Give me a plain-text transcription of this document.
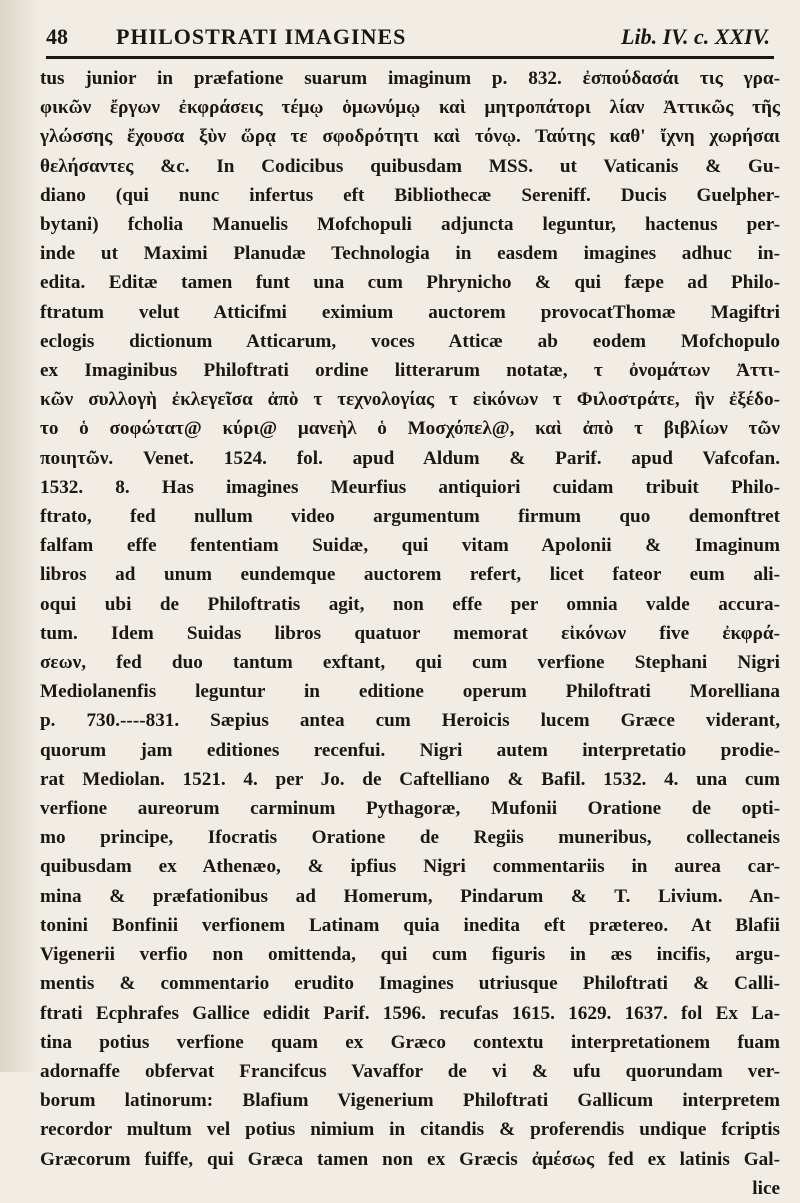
48 PHILOSTRATI IMAGINES	Lib. IV. c. XXIV.
tus junior in præfatione suarum imaginum p. 832. ἐσπούδασάι τις γρα-
φικῶν ἔργων ἐκφράσεις τέμῳ ὁμωνύμῳ καὶ μητροπάτορι λίαν Ἀττικῶς τῆς
γλώσσης ἔχουσα ξὺν ὥρᾳ τε σφοδρότητι καὶ τόνῳ. Ταύτης καθ' ἴχνη χωρήσαι
θελήσαντες &c. In Codicibus quibusdam MSS. ut Vaticanis & Gu-
diano (qui nunc infertus eft Bibliothecæ Sereniff. Ducis Guelpher-
bytani) fcholia Manuelis Mofchopuli adjuncta leguntur, hactenus per-
inde ut Maximi Planudæ Technologia in easdem imagines adhuc in-
edita. Editæ tamen funt una cum Phrynicho & qui fæpe ad Philo-
ftratum velut Atticifmi eximium auctorem provocatThomæ Magiftri
eclogis dictionum Atticarum, voces Atticæ ab eodem Mofchopulo
ex Imaginibus Philoftrati ordine litterarum notatæ, τ ὀνομάτων Ἀττι-
κῶν συλλογὴ ἐκλεγεῖσα ἀπὸ τ τεχνολογίας τ εἰκόνων τ Φιλοστράτε, ἣν ἐξέδο-
το ὁ σοφώτατ@ κύρι@ μανεὴλ ὁ Μοσχόπελ@, καὶ ἀπὸ τ βιβλίων τῶν
ποιητῶν. Venet. 1524. fol. apud Aldum & Parif. apud Vafcofan.
1532. 8. Has imagines Meurfius antiquiori cuidam tribuit Philo-
ftrato, fed nullum video argumentum firmum quo demonftret
falfam effe fententiam Suidæ, qui vitam Apolonii & Imaginum
libros ad unum eundemque auctorem refert, licet fateor eum ali-
oqui ubi de Philoftratis agit, non effe per omnia valde accura-
tum. Idem Suidas libros quatuor memorat εἰκόνων five ἐκφρά-
σεων, fed duo tantum exftant, qui cum verfione Stephani Nigri
Mediolanenfis leguntur in editione operum Philoftrati Morelliana
p. 730.----831. Sæpius antea cum Heroicis lucem Græce viderant,
quorum jam editiones recenfui. Nigri autem interpretatio prodie-
rat Mediolan. 1521. 4. per Jo. de Caftelliano & Bafil. 1532. 4. una cum
verfione aureorum carminum Pythagoræ, Mufonii Oratione de opti-
mo principe, Ifocratis Oratione de Regiis muneribus, collectaneis
quibusdam ex Athenæo, & ipfius Nigri commentariis in aurea car-
mina & præfationibus ad Homerum, Pindarum & T. Livium. An-
tonini Bonfinii verfionem Latinam quia inedita eft prætereo. At Blafii
Vigenerii verfio non omittenda, qui cum figuris in æs incifis, argu-
mentis & commentario erudito Imagines utriusque Philoftrati & Calli-
ftrati Ecphrafes Gallice edidit Parif. 1596. recufas 1615. 1629. 1637. fol Ex La-
tina potius verfione quam ex Græco contextu interpretationem fuam
adornaffe obfervat Francifcus Vavaffor de vi & ufu quorundam ver-
borum latinorum: Blafium Vigenerium Philoftrati Gallicum interpretem
recordor multum vel potius nimium in citandis & proferendis undique fcriptis
Græcorum fuiffe, qui Græca tamen non ex Græcis ἀμέσως fed ex latinis Gal-
lice
